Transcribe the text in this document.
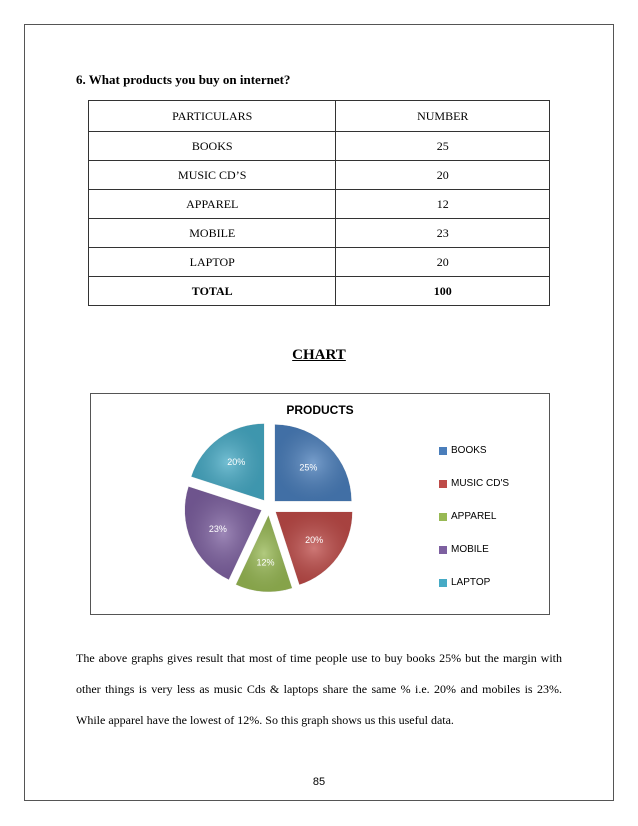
6. What products you buy on internet?
PARTICULARS	NUMBER
BOOKS	25
MUSIC CD’S	20
APPAREL	12
MOBILE	23
LAPTOP	20
TOTAL	100
CHART
PRODUCTS
25%
20%
12%
23%
20%
BOOKS
MUSIC CD'S
APPAREL
MOBILE
LAPTOP
The above graphs gives result that most of time people use to buy books 25% but the margin with other things is very less as music Cds & laptops share the same % i.e. 20% and mobiles is 23%. While apparel have the lowest of 12%. So this graph shows us this useful data.
85
